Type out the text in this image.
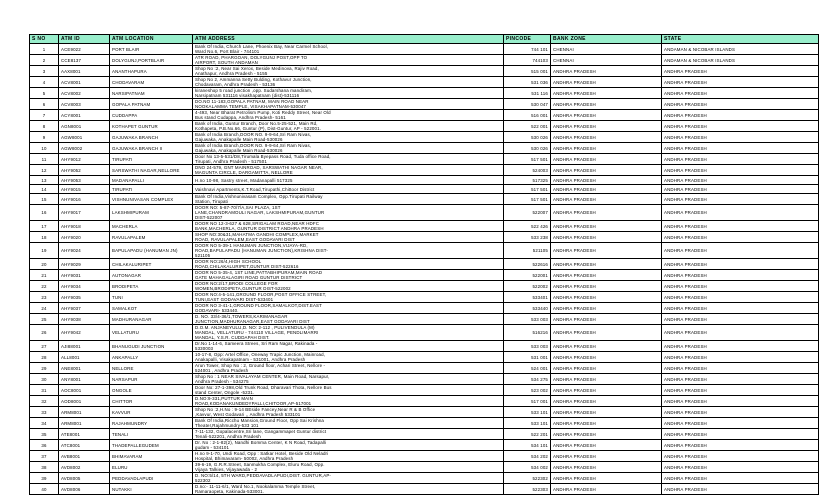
S NO	ATM ID	ATM LOCATION	ATM ADDRESS	PINCODE	BANK ZONE	STATE
1	ACE9022	PORT BLAIR	Bank Of India, Church Lane, Phoenix Bay, Near Carmel School,
Ward No.6, Port Blair - 744101	744 101	CHENNAI	ANDAMAN & NICOBAR ISLANDS
2	CCE8137	DOLYGUNJ,PORTBLAIR	ATR ROAD, PHARGOAN, DOLYGUNJ POST,OPP TO
AIRPORT, SOUTH ANDAMAN	744103	CHENNAI	ANDAMAN & NICOBAR ISLANDS
3	AAX8001	ANANTHAPURA	Shop No :2, Near Sai Xerox, Beside Medinova, Rajiv Road,
Anathapur, Andhra Pradesh - 5155	515 001	ANDHRA PRADESH	ANDHRA PRADESH
4	ACV8001	CHODAVARAM	Shop No 2, Ammanna Setty Bulding, Kothavur Junction,
Chodavaram, Andhra Pradesh - 53136	531 036	ANDHRA PRADESH	ANDHRA PRADESH
5	ACV8002	NARSIPATNAM	kiraneshop 5 road junction ,opp. Sudarshana mandiram,
Narsipatnam 531116 visakhapatnam (dist)-531116	531 116	ANDHRA PRADESH	ANDHRA PRADESH
6	ACV8003	GOPALA PATNAM	DO.NO 11-183,GOPALA PATNAM, MAIN ROAD NEAR
NOOKALAMMA TEMPLE, VISAKHAPATNAM-530047	530 047	ANDHRA PRADESH	ANDHRA PRADESH
7	ACY8001	CUDDAPPA	4-493, Near Bharat Petrolism Pump, Koti Reddy Street, Near Old
Bus stand Cudappa, Andhra Pradesh- 5161	516 001	ANDHRA PRADESH	ANDHRA PRADESH
8	AGN8001	KOTHAPET GUNTUR	Bank of India, Guntur Branch, Door No.5-25-521, Main Rd,
Kothapeta, P.B.No.66, Guntur (P), Dist-Guntur, AP - 522001.	522 001	ANDHRA PRADESH	ANDHRA PRADESH
9	AGW8001	GAJUWAKA BRANCH	Bank of India Branch,DOOR NO. 9-9-64,Sri Ram Nivas,
Gajuwaka, Anakapalle Main Road-530026	530 026	ANDHRA PRADESH	ANDHRA PRADESH
10	AGW8002	GAJUWAKA BRANCH II	Bank of India Branch,DOOR NO. 9-9-64,Sri Ram Nivas,
Gajuwaka, Anakapalle Main Road-530026	530 026	ANDHRA PRADESH	ANDHRA PRADESH
11	AHY9012	TIRUPATI	Door No 13-5-531/D8,Tirumala Byepass Road, Tuda office Road,
Tirupati, Andhra Pradesh - 517501	517 501	ANDHRA PRADESH	ANDHRA PRADESH
12	AHY9052	SARSWATHI NAGAR,NELLORE	DNO 24-579, GNT MAINROAD, SARSWATHI NAGAR NEAR,
MAGUNTA CIRCLE, DARGAMITTA, NELLORE	524003	ANDHRA PRADESH	ANDHRA PRADESH
13	AHY9053	MADANAPALLI	H.no 10-98, Sastry street, Madanapalli 517325	517325	ANDHRA PRADESH	ANDHRA PRADESH
14	AHY9015	TIRUPATI	Vaishnavi Apartments,K.T.Road,Tirupathi,Chittoor District	517 501	ANDHRA PRADESH	ANDHRA PRADESH
15	AHY9016	VISHNUNIVASAN COMPLEX	Bank Of India,Vishnunivasam Complex, Opp.Tirupati Railway
Station, Tirupati	517 501	ANDHRA PRADESH	ANDHRA PRADESH
16	AHY9017	LAKSHMIPURAM	DOOR NO: 5-87-70/7/A,SAI PLAZA, 1ST
LANE,CHANDRAMOULI NAGAR, LAKSHMIPURAM,GUNTUR
DIST-522007	522007	ANDHRA PRADESH	ANDHRA PRADESH
17	AHY9018	MACHERLA	DOOR NO 12-3-627 & 628,SRIGALAM ROAD,NEAR HDFC
BANK,MACHERLA, GUNTUR DISTRICT ANDHRA PRADESH	522 426	ANDHRA PRADESH	ANDHRA PRADESH
18	AHY9020	RAVULAPALEM	SHOP NO:30&31,MAHATMA GANDHI COMPLEX,MARKET
ROAD, RAVULAPALEM,EAST GODAVARI DIST	533 238	ANDHRA PRADESH	ANDHRA PRADESH
19	AHY9024	BAPULAPADU (HANUMAN JN)	DOOR NO 5-39-1 HANUMAN JUNCTION,VIJAYA-RD,
ROAD,BAPULAPADU (HANUMAN JUNCTION),KRISHNA DIST-
521105	521105	ANDHRA PRADESH	ANDHRA PRADESH
20	AHY9029	CHILAKALURIPET	DOOR NO:26/4,HIGH SCHOOL
ROAD,CHILAKALURIPET,GUNTUR DIST-522616	522616	ANDHRA PRADESH	ANDHRA PRADESH
21	AHY9031	AUTONAGAR	DOOR NO 5-35-4, 1ST LINE,PATTABHIPURAM,MAIN ROAD
GATE MAHAGALAGIRI ROAD GUNTUR DISTRICT	522001	ANDHRA PRADESH	ANDHRA PRADESH
22	AHY9034	BRODIPETA	DOOR NO:2/17,BRODI COLLEGE FOR
WOMEN,BRODIPETA,GUNTUR DIST-522002	522002	ANDHRA PRADESH	ANDHRA PRADESH
23	AHY9035	TUNI	DOOR NO:4-5-141,GROUND FLOOR,POST OFFICE STREET,
TUNI,EAST GODAVARI DIST-533401	533401	ANDHRA PRADESH	ANDHRA PRADESH
24	AHY9037	SAMALKOT	DOOR NO 3-41-1,GROUND FLOOR,SAMALKOT,DIST.EAST
GODAVARI- 533440.	533440	ANDHRA PRADESH	ANDHRA PRADESH
25	AHY9038	MADHURANAGAR	D. NO. 33/4-36/1,TOWERS,KARIMANAGAR
JUNCTION,MADHURANAGAR,EAST GODAVARI DIST	533 003	ANDHRA PRADESH	ANDHRA PRADESH
26	AHY9042	VELLATURU	D.O.M. ANJANEYULU,D. NO: 2-112 , PULIVENDULA (M)
MANDAL, VELLATURU - 744110 VILLAGE, PENDLIMARRI
MANDAL, Y.S.R. CUDDAPAH DIST.	516216	ANDHRA PRADESH	ANDHRA PRADESH
27	AJI88001	BHANUGUDI JUNCTION	Dr.No 1-14-6, Sameera Strees, Sri Ram Nagar, Rakinada -
5330003	533 003	ANDHRA PRADESH	ANDHRA PRADESH
28	ALL8001	ANKAPALLY	10-17-8, Opp: Artel Office, Oneway Trapic Junction, Mainroad,
Anakapalli, Visakapatnam - 531001, Andhra Pradesh	531 001	ANDHRA PRADESH	ANDHRA PRADESH
29	ANE8001	NELLORE	Arun Tower, Shop No : 2, Ground floor, Achari Street, Nellore -
524001 , Andhra Pradesh	524 001	ANDHRA PRADESH	ANDHRA PRADESH
30	ANY8001	NARSAPUR	Shop No : 1 NEAR SIVALAYAM CENTER, Main Road, Narsapur,
Andhra Pradesh - 534275	534 275	ANDHRA PRADESH	ANDHRA PRADESH
31	AOC8001	ONGOLE	Door No: 27-1-398,Old Trunk Road, Dharavari Thota, Nellore Bus
stand Center, Ongole -5231.	523 002	ANDHRA PRADESH	ANDHRA PRADESH
32	AOD8001	CHITTOR	D.NO:9-331,PUTTUR MAIN
ROAD,KODANAKUNDEDYPALLI,CHITOOR,AP-517001	517 001	ANDHRA PRADESH	ANDHRA PRADESH
33	ARM8001	KAVVUR	Shop No :2,H.No : 9-14 BEside Fancey,Near R & B Office
,Kavvur, West Godavari ,, Andhra Pradesh 533101	533 101	ANDHRA PRADESH	ANDHRA PRADESH
34	ARM8001	RAJAHMUNDRY	Bank Of India,Ricchu Mansion,Ground Floor, Opp Sai Krishna
Theater,Rajahmundry-533 101	533 101	ANDHRA PRADESH	ANDHRA PRADESH
35	ATE8001	TENALI	7-11-132, Gopalacentre,Sri lane, Gangammapet Guntur district
Tenali-522201, Andhra Pradesh	522 201	ANDHRA PRADESH	ANDHRA PRADESH
36	ATC8001	THADEPALLEGUDEM	Dr. No : 2-1-82(2), Nandhi Bomma Center, K N Road, Tadapalli
gudam - 534101	534 101	ANDHRA PRADESH	ANDHRA PRADESH
37	AVB8001	BHIMAVARAM	H.no 9-1-70, Undi Road, Opp : Satkar Hotel, Beside Old Neladri
Hospital, Bhimavaram- 50002, Andhra Pradesh	534 202	ANDHRA PRADESH	ANDHRA PRADESH
38	AVD8002	ELURU	39-6-19, G.R.R.Street, Sanmukha Complex, Eluru Road, Opp.
Vijaya Talkies, Vijayawada - 2	534 002	ANDHRA PRADESH	ANDHRA PRADESH
39	AVD8005	PEDDAVADLAPUDI	D. NO:5/14, 5TH WARD,PEDDAVADLAPUDI,DIST. GUNTUR,AP-
522302	522302	ANDHRA PRADESH	ANDHRA PRADESH
40	AVD8006	NUTAKKI	D.no:- 11-11-6/1, Ward No.1, Nookalamma Temple Street,
Ramaraopeta, Kakinada-533001.	522303	ANDHRA PRADESH	ANDHRA PRADESH
